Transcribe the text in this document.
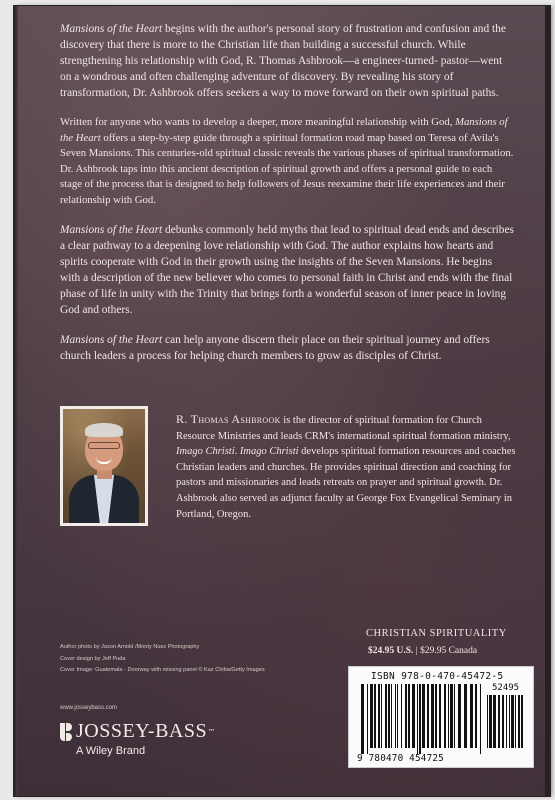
Mansions of the Heart begins with the author's personal story of frustration and confusion and the discovery that there is more to the Christian life than building a successful church. While strengthening his relationship with God, R. Thomas Ashbrook—a engineer-turned- pastor—went on a wondrous and often challenging adventure of discovery. By revealing his story of transformation, Dr. Ashbrook offers seekers a way to move forward on their own spiritual paths.

Written for anyone who wants to develop a deeper, more meaningful relationship with God, Mansions of the Heart offers a step-by-step guide through a spiritual formation road map based on Teresa of Avila's Seven Mansions. This centuries-old spiritual classic reveals the various phases of spiritual transformation. Dr. Ashbrook taps into this ancient description of spiritual growth and offers a personal guide to each stage of the process that is designed to help followers of Jesus reexamine their life experiences and their relationship with God.

Mansions of the Heart debunks commonly held myths that lead to spiritual dead ends and describes a clear pathway to a deepening love relationship with God. The author explains how hearts and spirits cooperate with God in their growth using the insights of the Seven Mansions. He begins with a description of the new believer who comes to personal faith in Christ and ends with the final phase of life in unity with the Trinity that brings forth a wonderful season of inner peace in loving God and others.

Mansions of the Heart can help anyone discern their place on their spiritual journey and offers church leaders a process for helping church members to grow as disciples of Christ.

R. Thomas Ashbrook is the director of spiritual formation for Church Resource Ministries and leads CRM's international spiritual formation ministry, Imago Christi. Imago Christi develops spiritual formation resources and coaches Christian leaders and churches. He provides spiritual direction and coaching for pastors and missionaries and leads retreats on prayer and spiritual growth. Dr. Ashbrook also served as adjunct faculty at George Fox Evangelical Seminary in Portland, Oregon.
Author photo by Jason Arnold /Monty Nuss Photography
Cover design by Jeff Puda
Cover Image: Guatemala - Doorway with missing panel © Kaz Chiba/Getty Images
www.josseybass.com
JOSSEY-BASS ™
A Wiley Brand
CHRISTIAN SPIRITUALITY
$24.95 U.S. | $29.95 Canada
ISBN 978-0-470-45472-5
52495
9 780470 454725
